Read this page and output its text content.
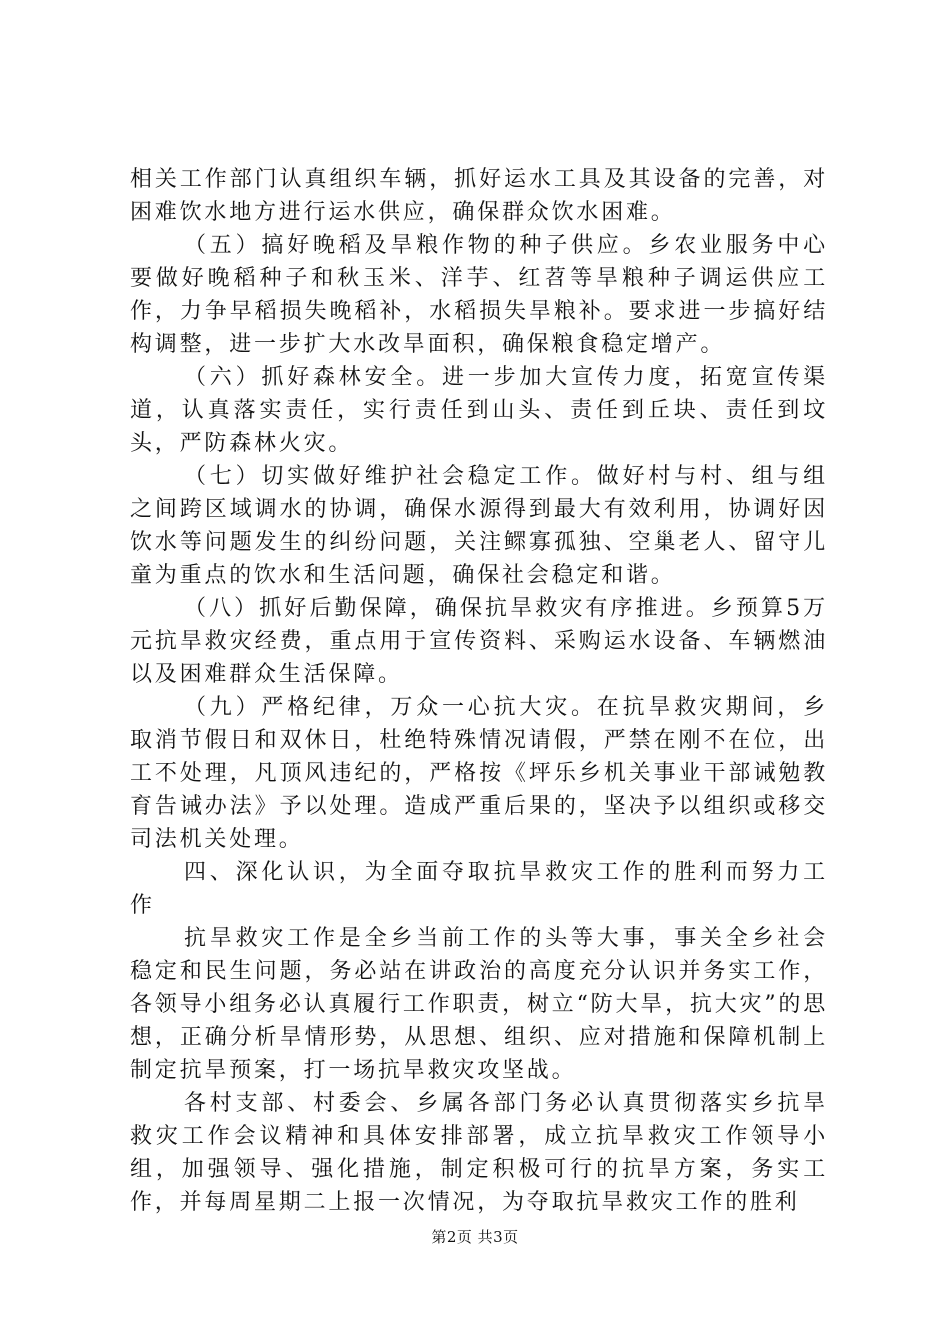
相关工作部门认真组织车辆，抓好运水工具及其设备的完善，对困难饮水地方进行运水供应，确保群众饮水困难。

（五）搞好晚稻及旱粮作物的种子供应。乡农业服务中心要做好晚稻种子和秋玉米、洋芋、红苕等旱粮种子调运供应工作，力争早稻损失晚稻补，水稻损失旱粮补。要求进一步搞好结构调整，进一步扩大水改旱面积，确保粮食稳定增产。

（六）抓好森林安全。进一步加大宣传力度，拓宽宣传渠道，认真落实责任，实行责任到山头、责任到丘块、责任到坟头，严防森林火灾。

（七）切实做好维护社会稳定工作。做好村与村、组与组之间跨区域调水的协调，确保水源得到最大有效利用，协调好因饮水等问题发生的纠纷问题，关注鳏寡孤独、空巢老人、留守儿童为重点的饮水和生活问题，确保社会稳定和谐。

（八）抓好后勤保障，确保抗旱救灾有序推进。乡预算5万元抗旱救灾经费，重点用于宣传资料、采购运水设备、车辆燃油以及困难群众生活保障。

（九）严格纪律，万众一心抗大灾。在抗旱救灾期间，乡取消节假日和双休日，杜绝特殊情况请假，严禁在刚不在位，出工不处理，凡顶风违纪的，严格按《坪乐乡机关事业干部诫勉教育告诫办法》予以处理。造成严重后果的，坚决予以组织或移交司法机关处理。

四、深化认识，为全面夺取抗旱救灾工作的胜利而努力工作

抗旱救灾工作是全乡当前工作的头等大事，事关全乡社会稳定和民生问题，务必站在讲政治的高度充分认识并务实工作，各领导小组务必认真履行工作职责，树立“防大旱，抗大灾”的思想，正确分析旱情形势，从思想、组织、应对措施和保障机制上制定抗旱预案，打一场抗旱救灾攻坚战。

各村支部、村委会、乡属各部门务必认真贯彻落实乡抗旱救灾工作会议精神和具体安排部署，成立抗旱救灾工作领导小组，加强领导、强化措施，制定积极可行的抗旱方案，务实工作，并每周星期二上报一次情况，为夺取抗旱救灾工作的胜利

第2页 共3页
